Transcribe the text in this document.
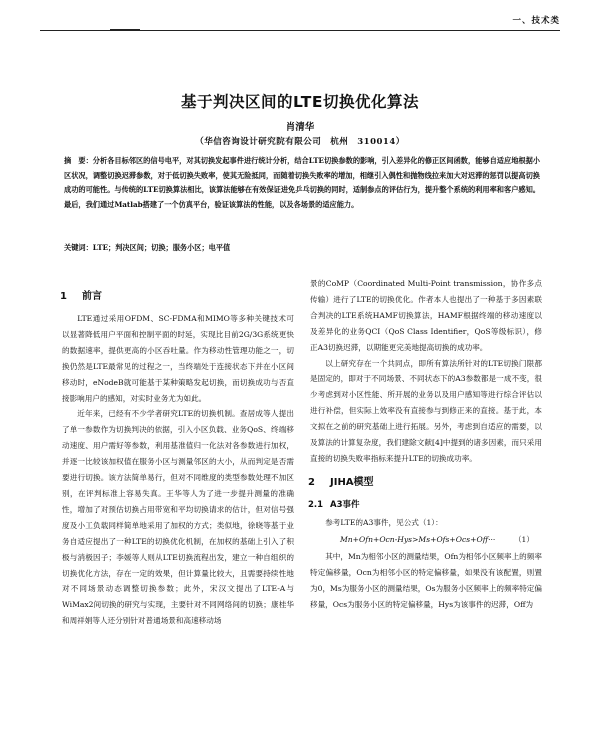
一、技术类
基于判决区间的LTE切换优化算法
肖清华
（华信咨询设计研究院有限公司　杭州　310014）
摘　要：分析各目标邻区的信号电平，对其切换发起事件进行统计分析，结合LTE切换参数的影响，引入差异化的修正区间函数，能够自适应地根据小区状况，调整切换迟滞参数，对于低切换失败率，使其无险抵同，而随着切换失败率的增加，相继引入偶性和抛物线拉来加大对迟滞的惩罚以提高切换成功的可能性。与传统的LTE切换算法相比，该算法能够在有效保证进免乒乓切换的同时，适制参点的评估行为，提升整个系统的利用率和客户感知。最后，我们通过Matlab搭建了一个仿真平台，验证该算法的性能，以及各场景的适应能力。
关键词：LTE；判决区间；切换；服务小区；电平值
1 前言

LTE通过采用OFDM、SC-FDMA和MIMO等多种关键技术可以显著降低用户平面和控制平面的时延，实现比目前2G/3G系统更快的数据速率，提供更高的小区吞吐量。作为移动性管理功能之一，切换仍然是LTE最常见的过程之一，当终端处于连接状态下并在小区间移动时，eNodeB就可能基于某种策略发起切换，而切换成功与否直接影响用户的感知，对实时业务尤为如此。

近年来，已经有不少学者研究LTE的切换机制。查居成等人提出了单一参数作为切换判决的依据，引入小区负载、业务QoS、终端移动速度、用户需好等参数，利用基准值归一化法对各参数进行加权，并逐一比较该加权值在服务小区与测量邻区的大小，从而判定是否需要进行切换。该方法简单易行，但对不同维度的类型参数处理不加区别，在评判标准上容易失真。王华等人为了进一步提升测量的准确性，增加了对预估切换占用带宽和平均切换请求的估计，但对信号强度及小工负载同样简单地采用了加权的方式；类似地，徐晓等基于业务自适应提出了一种LTE的切换优化机制，在加权的基础上引入了积极与消极因子；李媛等人则从LTE切换流程出发，建立一种自组织的切换优化方法，存在一定的效果，但计算量比较大，且需要持续性地对不同场景动态调整切换参数；此外，宋汉文提出了LTE-A与WiMax2间切换的研究与实现，主要针对不同网络间的切换；康桂华和周祥娟等人还分别针对普通场景和高速移动场

景的CoMP（Coordinated Multi-Point transmission，协作多点传输）进行了LTE的切换优化。作者本人也提出了一种基于多因素联合判决的LTE系统HAMF切换算法，HAMF根据终端的移动速度以及差异化的业务QCI（QoS Class Identifier，QoS等级标识），修正A3切换迟滞，以期能更完美地提高切换的成功率。

以上研究存在一个共同点，即所有算法所针对的LTE切换门限都是固定的，即对于不同场景、不同状态下的A3参数都是一成不变，很少考虑到对小区性能、所开展的业务以及用户感知等进行综合评估以进行补偿，但实际上效率没有直接参与到修正来的直接。基于此，本文拟在之前的研究基础上进行拓展。另外，考虑到自适应的需要，以及算法的计算复杂度，我们建除文献[4]中提到的诸多因素，而只采用直接的切换失败率指标来提升LTE的切换成功率。

2 JIHA模型
2.1 A3事件

参考LTE的A3事件，见公式（1）：

Mn+Ofn+Ocn-Hys>Ms+Ofs+Ocs+Off··· （1）

其中，Mn为相邻小区的测量结果，Ofn为相邻小区频率上的频率特定偏移量，Ocn为相邻小区的特定偏移量，如果没有该配置，则置为0，Ms为服务小区的测量结果，Os为服务小区频率上的频率特定偏移量，Ocs为服务小区的特定偏移量，Hys为该事件的迟滞，Off为
